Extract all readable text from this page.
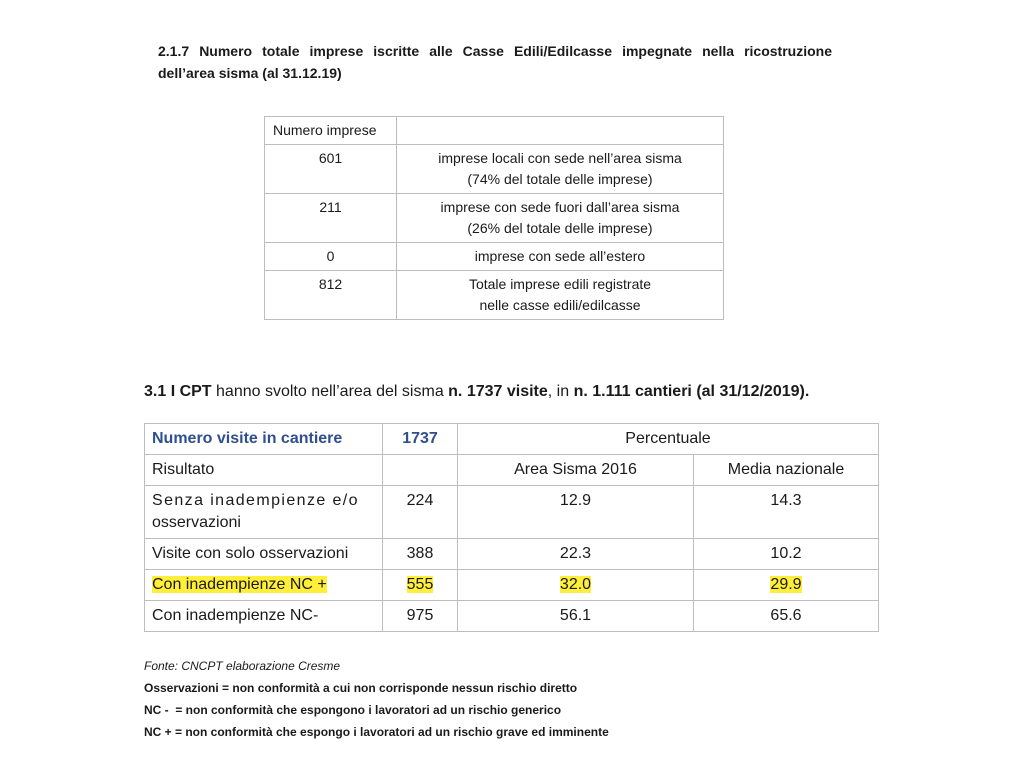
2.1.7 Numero totale imprese iscritte alle Casse Edili/Edilcasse impegnate nella ricostruzione
dell’area sisma (al 31.12.19)
Numero imprese	
601	imprese locali con sede nell’area sisma
(74% del totale delle imprese)
211	imprese con sede fuori dall’area sisma
(26% del totale delle imprese)
0	imprese con sede all’estero
812	Totale imprese edili registrate
nelle casse edili/edilcasse
3.1 I CPT hanno svolto nell’area del sisma n. 1737 visite, in n. 1.111 cantieri (al 31/12/2019).
Numero visite in cantiere	1737	Percentuale	
Risultato		Area Sisma 2016	Media nazionale
Senza inadempienze e/o
osservazioni	224	12.9	14.3
Visite con solo osservazioni	388	22.3	10.2
Con inadempienze NC +	555	32.0	29.9
Con inadempienze NC-	975	56.1	65.6
Fonte: CNCPT elaborazione Cresme
Osservazioni = non conformità a cui non corrisponde nessun rischio diretto
NC -  = non conformità che espongono i lavoratori ad un rischio generico
NC + = non conformità che espongo i lavoratori ad un rischio grave ed imminente
